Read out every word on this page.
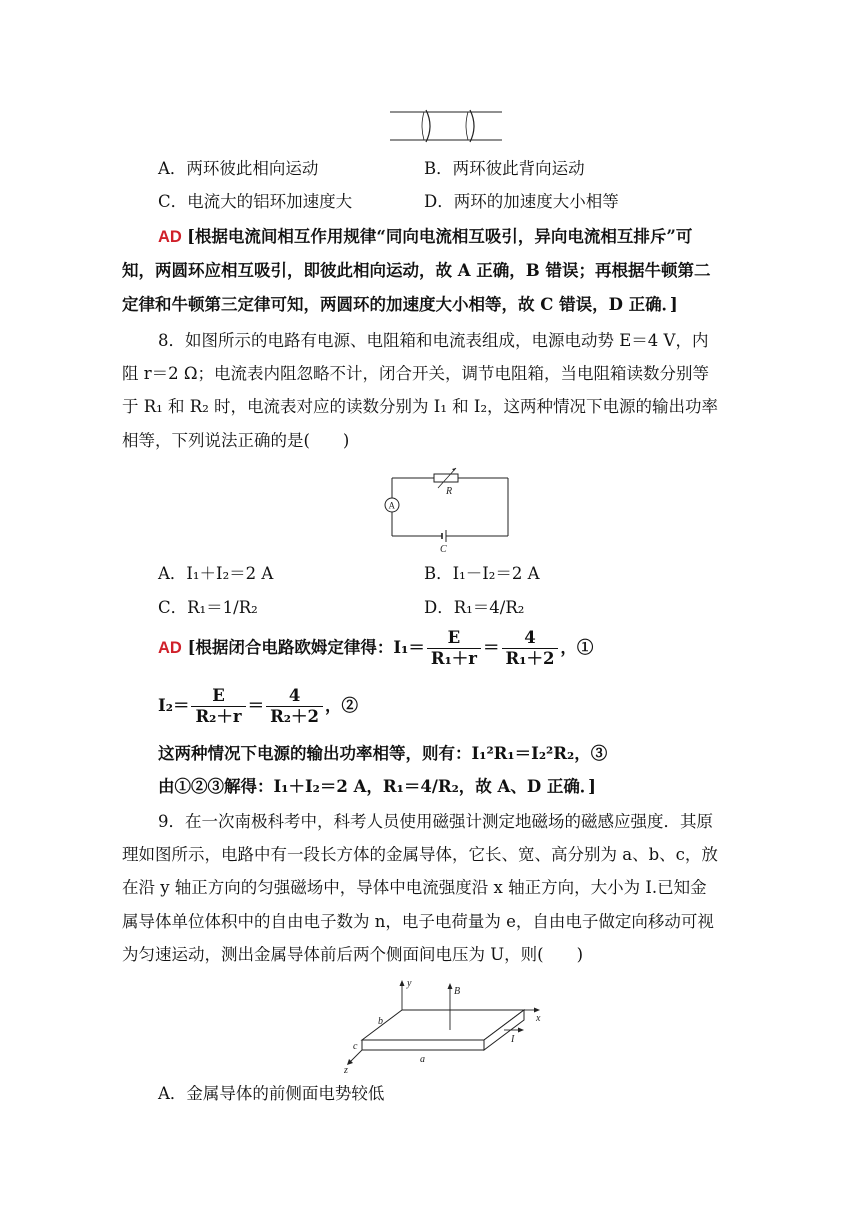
A．两环彼此相向运动	B．两环彼此背向运动
C．电流大的铝环加速度大	D．两环的加速度大小相等
AD [根据电流间相互作用规律“同向电流相互吸引，异向电流相互排斥”可
知，两圆环应相互吸引，即彼此相向运动，故 A 正确，B 错误；再根据牛顿第二
定律和牛顿第三定律可知，两圆环的加速度大小相等，故 C 错误，D 正确．]
8．如图所示的电路有电源、电阻箱和电流表组成，电源电动势 E＝4 V，内
阻 r＝2 Ω；电流表内阻忽略不计，闭合开关，调节电阻箱，当电阻箱读数分别等
于 R₁ 和 R₂ 时，电流表对应的读数分别为 I₁ 和 I₂，这两种情况下电源的输出功率
相等，下列说法正确的是(　　)
A
R
C
A．I₁＋I₂＝2 A	B．I₁－I₂＝2 A
C．R₁＝1/R₂	D．R₁＝4/R₂
AD [根据闭合电路欧姆定律得：$I_1= \frac{E}{\text{R₁＋r}} = \frac{4}{\text{R₁＋2}}$ ，①
$I_2= \frac{E}{\text{R₂＋r}} = \frac{4}{\text{R₂＋2}}$ ，②
这两种情况下电源的输出功率相等，则有：I₁²R₁＝I₂²R₂，③
由①②③解得：I₁＋I₂＝2 A，R₁＝4/R₂，故 A、D 正确．]
9．在一次南极科考中，科考人员使用磁强计测定地磁场的磁感应强度．其原
理如图所示，电路中有一段长方体的金属导体，它长、宽、高分别为 a、b、c，放
在沿 y 轴正方向的匀强磁场中，导体中电流强度沿 x 轴正方向，大小为 I.已知金
属导体单位体积中的自由电子数为 n，电子电荷量为 e，自由电子做定向移动可视
为匀速运动，测出金属导体前后两个侧面间电压为 U，则(　　)
y
x
z
B
I
b
c
a
A．金属导体的前侧面电势较低
